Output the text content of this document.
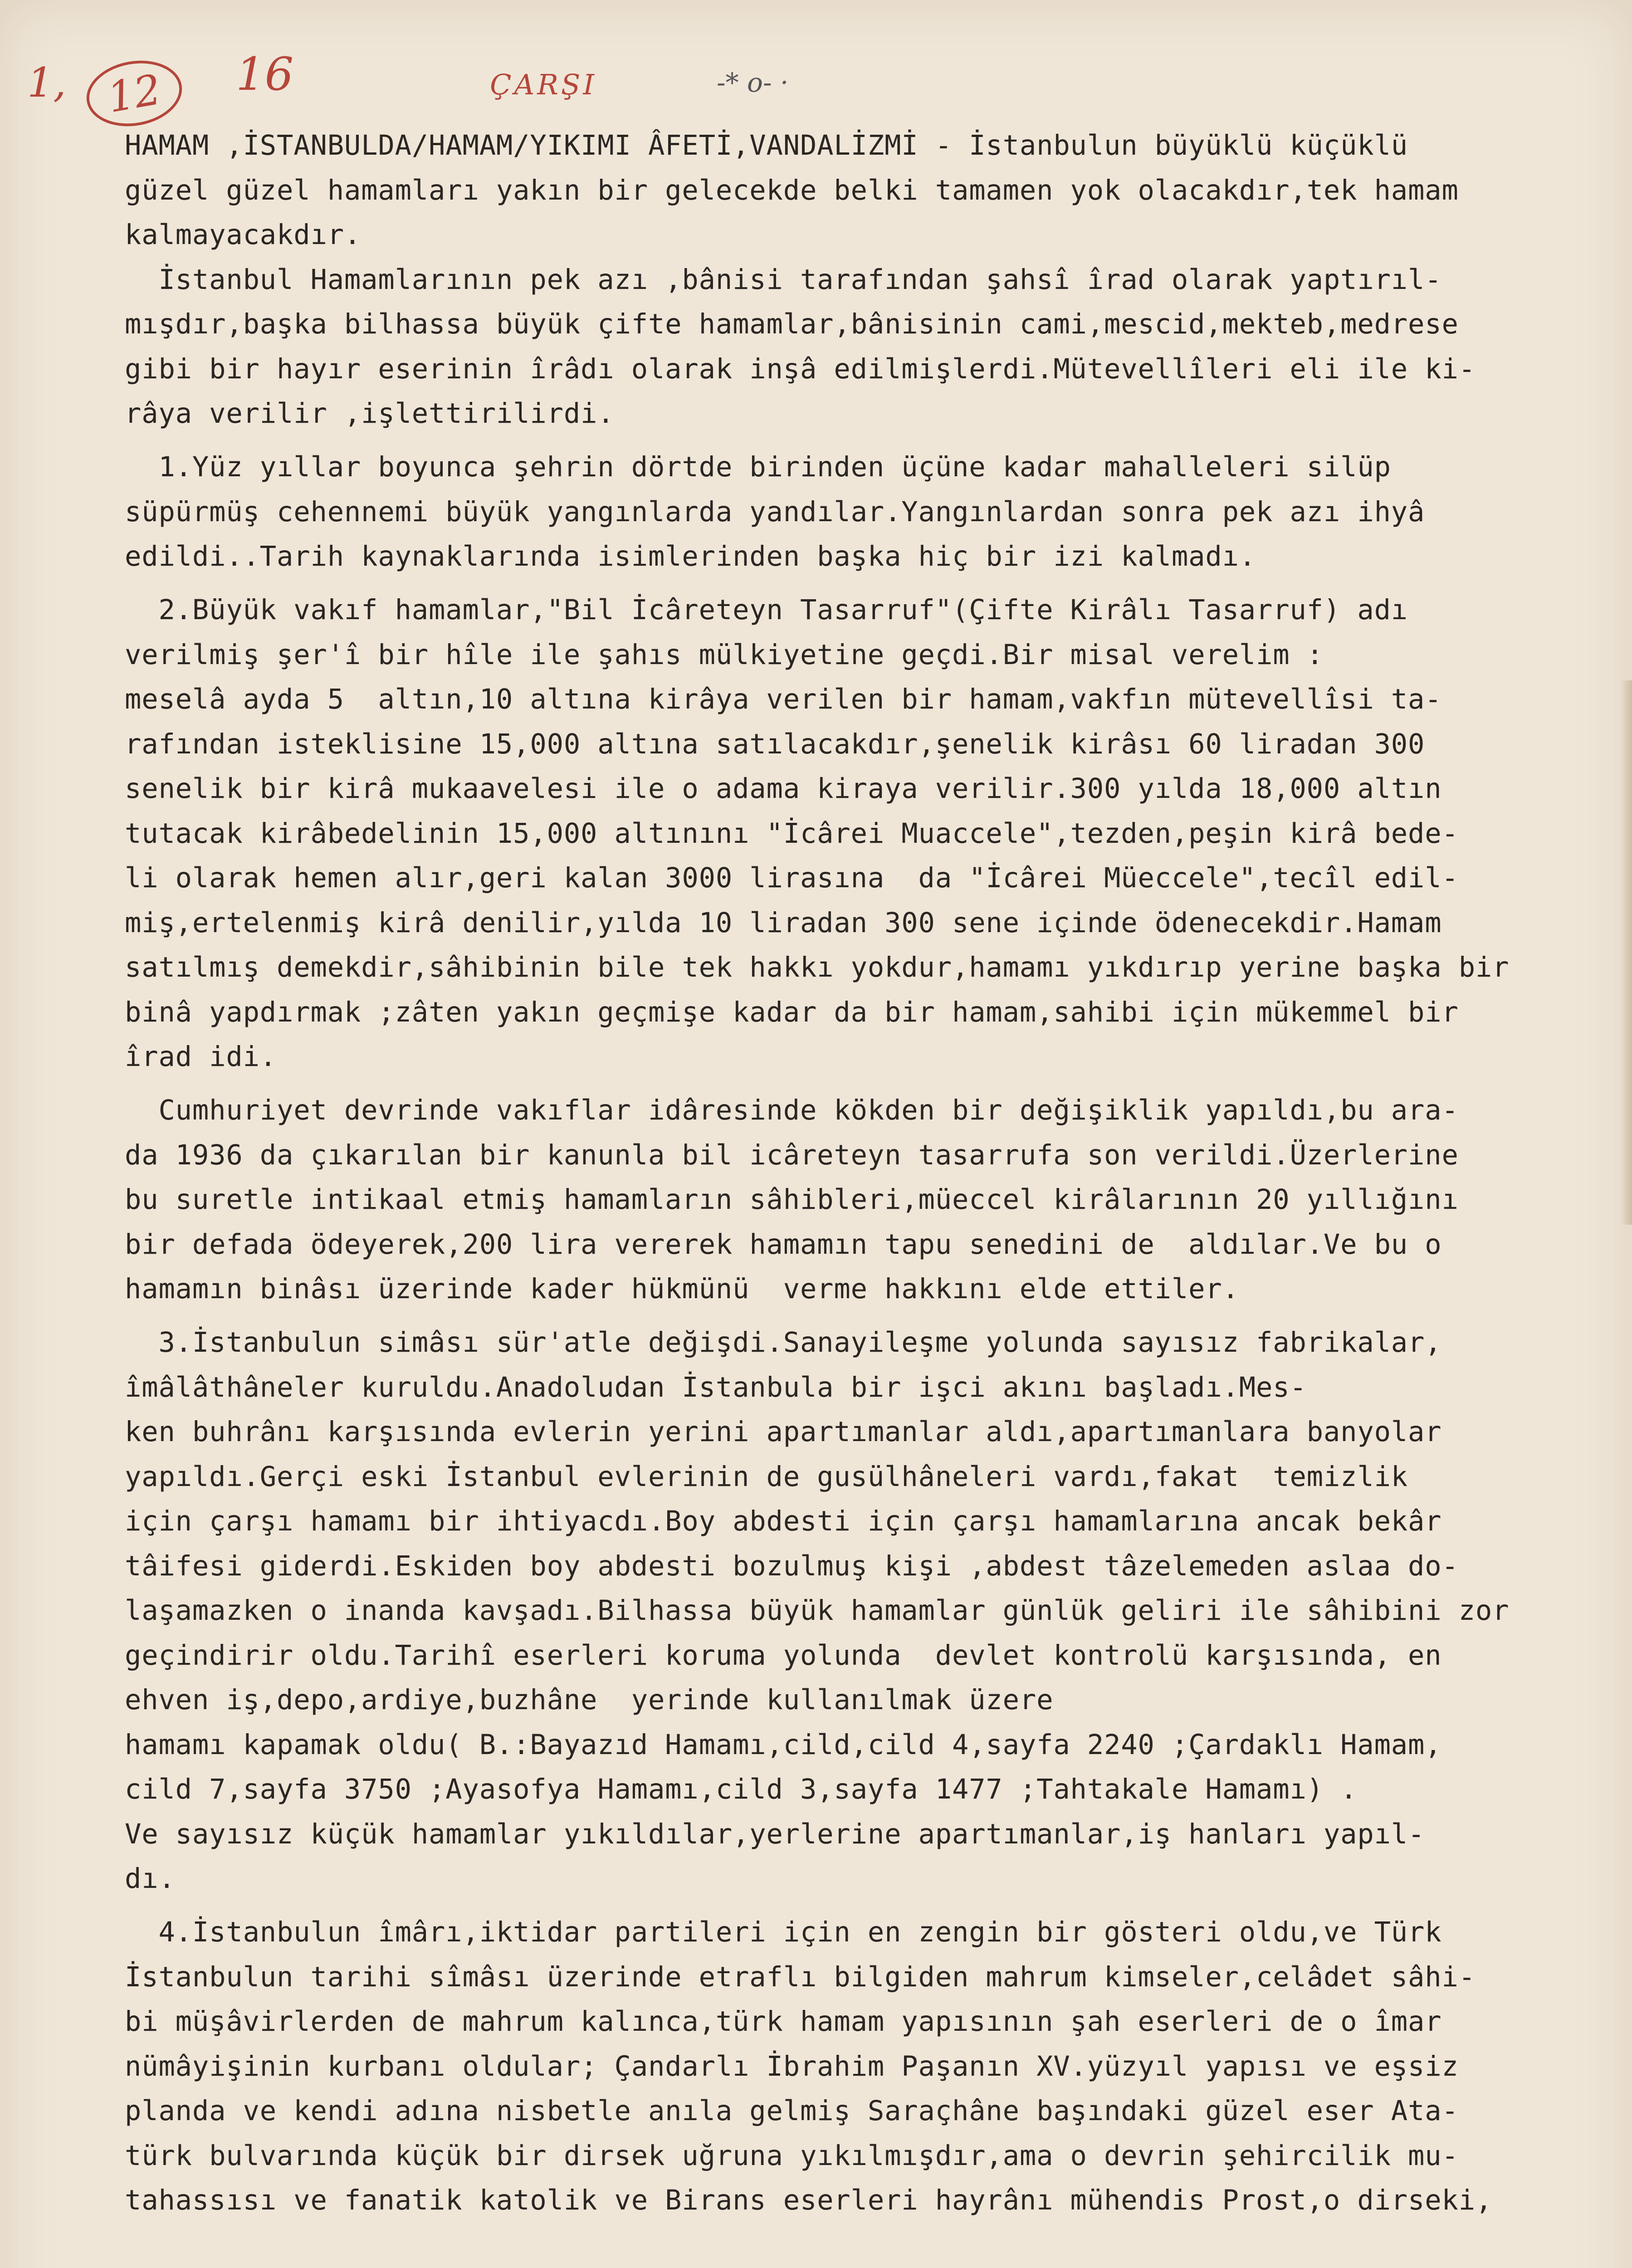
1, 12	16	ÇARŞI	-* o- ·
HAMAM ,İSTANBULDA/HAMAM/YIKIMI ÂFETİ,VANDALİZMİ - İstanbulun büyüklü küçüklü
güzel güzel hamamları yakın bir gelecekde belki tamamen yok olacakdır,tek hamam
kalmayacakdır.
İstanbul Hamamlarının pek azı ,bânisi tarafından şahsî îrad olarak yaptırıl-
mışdır,başka bilhassa büyük çifte hamamlar,bânisinin cami,mescid,mekteb,medrese
gibi bir hayır eserinin îrâdı olarak inşâ edilmişlerdi.Mütevellîleri eli ile ki-
râya verilir ,işlettirilirdi.
1.Yüz yıllar boyunca şehrin dörtde birinden üçüne kadar mahalleleri silüp
süpürmüş cehennemi büyük yangınlarda yandılar.Yangınlardan sonra pek azı ihyâ
edildi..Tarih kaynaklarında isimlerinden başka hiç bir izi kalmadı.
2.Büyük vakıf hamamlar,"Bil İcâreteyn Tasarruf"(Çifte Kirâlı Tasarruf) adı
verilmiş şer'î bir hîle ile şahıs mülkiyetine geçdi.Bir misal verelim :
meselâ ayda 5  altın,10 altına kirâya verilen bir hamam,vakfın mütevellîsi ta-
rafından isteklisine 15,000 altına satılacakdır,şenelik kirâsı 60 liradan 300
senelik bir kirâ mukaavelesi ile o adama kiraya verilir.300 yılda 18,000 altın
tutacak kirâbedelinin 15,000 altınını "İcârei Muaccele",tezden,peşin kirâ bede-
li olarak hemen alır,geri kalan 3000 lirasına  da "İcârei Müeccele",tecîl edil-
miş,ertelenmiş kirâ denilir,yılda 10 liradan 300 sene içinde ödenecekdir.Hamam
satılmış demekdir,sâhibinin bile tek hakkı yokdur,hamamı yıkdırıp yerine başka bir
binâ yapdırmak ;zâten yakın geçmişe kadar da bir hamam,sahibi için mükemmel bir
îrad idi.
Cumhuriyet devrinde vakıflar idâresinde kökden bir değişiklik yapıldı,bu ara-
da 1936 da çıkarılan bir kanunla bil icâreteyn tasarrufa son verildi.Üzerlerine
bu suretle intikaal etmiş hamamların sâhibleri,müeccel kirâlarının 20 yıllığını
bir defada ödeyerek,200 lira vererek hamamın tapu senedini de  aldılar.Ve bu o
hamamın binâsı üzerinde kader hükmünü  verme hakkını elde ettiler.
3.İstanbulun simâsı sür'atle değişdi.Sanayileşme yolunda sayısız fabrikalar,
îmâlâthâneler kuruldu.Anadoludan İstanbula bir işci akını başladı.Mes-
ken buhrânı karşısında evlerin yerini apartımanlar aldı,apartımanlara banyolar
yapıldı.Gerçi eski İstanbul evlerinin de gusülhâneleri vardı,fakat  temizlik
için çarşı hamamı bir ihtiyacdı.Boy abdesti için çarşı hamamlarına ancak bekâr
tâifesi giderdi.Eskiden boy abdesti bozulmuş kişi ,abdest tâzelemeden aslaa do-
laşamazken o inanda kavşadı.Bilhassa büyük hamamlar günlük geliri ile sâhibini zor
geçindirir oldu.Tarihî eserleri koruma yolunda  devlet kontrolü karşısında, en
ehven iş,depo,ardiye,buzhâne  yerinde kullanılmak üzere
hamamı kapamak oldu( B.:Bayazıd Hamamı,cild,cild 4,sayfa 2240 ;Çardaklı Hamam,
cild 7,sayfa 3750 ;Ayasofya Hamamı,cild 3,sayfa 1477 ;Tahtakale Hamamı) .
Ve sayısız küçük hamamlar yıkıldılar,yerlerine apartımanlar,iş hanları yapıl-
dı.
4.İstanbulun îmârı,iktidar partileri için en zengin bir gösteri oldu,ve Türk
İstanbulun tarihi sîmâsı üzerinde etraflı bilgiden mahrum kimseler,celâdet sâhi-
bi müşâvirlerden de mahrum kalınca,türk hamam yapısının şah eserleri de o îmar
nümâyişinin kurbanı oldular; Çandarlı İbrahim Paşanın XV.yüzyıl yapısı ve eşsiz
planda ve kendi adına nisbetle anıla gelmiş Saraçhâne başındaki güzel eser Ata-
türk bulvarında küçük bir dirsek uğruna yıkılmışdır,ama o devrin şehircilik mu-
tahassısı ve fanatik katolik ve Birans eserleri hayrânı mühendis Prost,o dirseki,
